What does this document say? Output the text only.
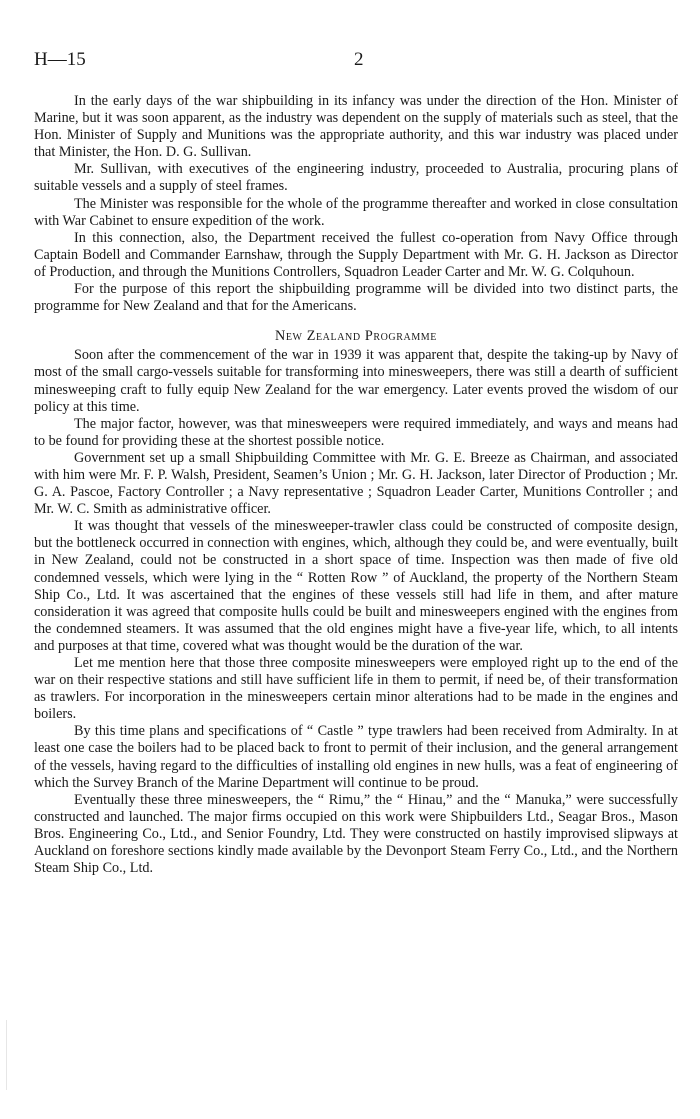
H—15	2

In the early days of the war shipbuilding in its infancy was under the direction of the Hon. Minister of Marine, but it was soon apparent, as the industry was dependent on the supply of materials such as steel, that the Hon. Minister of Supply and Munitions was the appropriate authority, and this war industry was placed under that Minister, the Hon. D. G. Sullivan.

Mr. Sullivan, with executives of the engineering industry, proceeded to Australia, procuring plans of suitable vessels and a supply of steel frames.

The Minister was responsible for the whole of the programme thereafter and worked in close consultation with War Cabinet to ensure expedition of the work.

In this connection, also, the Department received the fullest co-operation from Navy Office through Captain Bodell and Commander Earnshaw, through the Supply Department with Mr. G. H. Jackson as Director of Production, and through the Munitions Controllers, Squadron Leader Carter and Mr. W. G. Colquhoun.

For the purpose of this report the shipbuilding programme will be divided into two distinct parts, the programme for New Zealand and that for the Americans.

New Zealand Programme

Soon after the commencement of the war in 1939 it was apparent that, despite the taking-up by Navy of most of the small cargo-vessels suitable for transforming into minesweepers, there was still a dearth of sufficient minesweeping craft to fully equip New Zealand for the war emergency. Later events proved the wisdom of our policy at this time.

The major factor, however, was that minesweepers were required immediately, and ways and means had to be found for providing these at the shortest possible notice.

Government set up a small Shipbuilding Committee with Mr. G. E. Breeze as Chairman, and associated with him were Mr. F. P. Walsh, President, Seamen’s Union ; Mr. G. H. Jackson, later Director of Production ; Mr. G. A. Pascoe, Factory Controller ; a Navy representative ; Squadron Leader Carter, Munitions Controller ; and Mr. W. C. Smith as administrative officer.

It was thought that vessels of the minesweeper-trawler class could be constructed of composite design, but the bottleneck occurred in connection with engines, which, although they could be, and were eventually, built in New Zealand, could not be constructed in a short space of time. Inspection was then made of five old condemned vessels, which were lying in the “ Rotten Row ” of Auckland, the property of the Northern Steam Ship Co., Ltd. It was ascertained that the engines of these vessels still had life in them, and after mature consideration it was agreed that composite hulls could be built and minesweepers engined with the engines from the condemned steamers. It was assumed that the old engines might have a five-year life, which, to all intents and purposes at that time, covered what was thought would be the duration of the war.

Let me mention here that those three composite minesweepers were employed right up to the end of the war on their respective stations and still have sufficient life in them to permit, if need be, of their transformation as trawlers. For incorporation in the minesweepers certain minor alterations had to be made in the engines and boilers.

By this time plans and specifications of “ Castle ” type trawlers had been received from Admiralty. In at least one case the boilers had to be placed back to front to permit of their inclusion, and the general arrangement of the vessels, having regard to the difficulties of installing old engines in new hulls, was a feat of engineering of which the Survey Branch of the Marine Department will continue to be proud.

Eventually these three minesweepers, the “ Rimu,” the “ Hinau,” and the “ Manuka,” were successfully constructed and launched. The major firms occupied on this work were Shipbuilders Ltd., Seagar Bros., Mason Bros. Engineering Co., Ltd., and Senior Foundry, Ltd. They were constructed on hastily improvised slipways at Auckland on foreshore sections kindly made available by the Devonport Steam Ferry Co., Ltd., and the Northern Steam Ship Co., Ltd.
